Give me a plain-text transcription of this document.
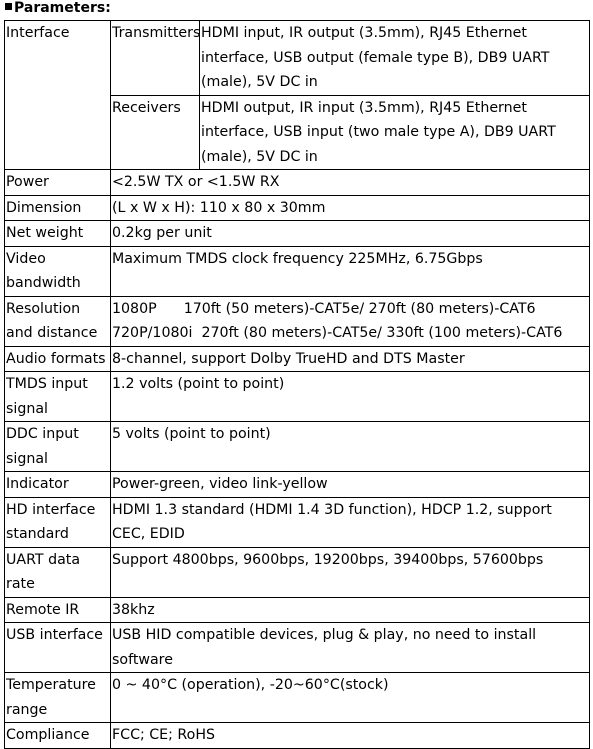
Parameters:
Interface	Transmitters	HDMI input, IR output (3.5mm), RJ45 Ethernet interface, USB output (female type B), DB9 UART (male), 5V DC in
	Receivers	HDMI output, IR input (3.5mm), RJ45 Ethernet interface, USB input (two male type A), DB9 UART (male), 5V DC in
Power	<2.5W TX or <1.5W RX	
Dimension	(L x W x H): 110 x 80 x 30mm	
Net weight	0.2kg per unit	
Video bandwidth	Maximum TMDS clock frequency 225MHz, 6.75Gbps	
Resolution and distance	1080P      170ft (50 meters)-CAT5e/ 270ft (80 meters)-CAT6
720P/1080i  270ft (80 meters)-CAT5e/ 330ft (100 meters)-CAT6	

Audio formats	8-channel, support Dolby TrueHD and DTS Master	
TMDS input signal	1.2 volts (point to point)	
DDC input signal	5 volts (point to point)	
Indicator	Power-green, video link-yellow	
HD interface standard	HDMI 1.3 standard (HDMI 1.4 3D function), HDCP 1.2, support CEC, EDID	
UART data rate	Support 4800bps, 9600bps, 19200bps, 39400bps, 57600bps	
Remote IR	38khz	
USB interface	USB HID compatible devices, plug & play, no need to install software	
Temperature range	0 ~ 40°C (operation), -20~60°C(stock)	
Compliance	FCC; CE; RoHS	
